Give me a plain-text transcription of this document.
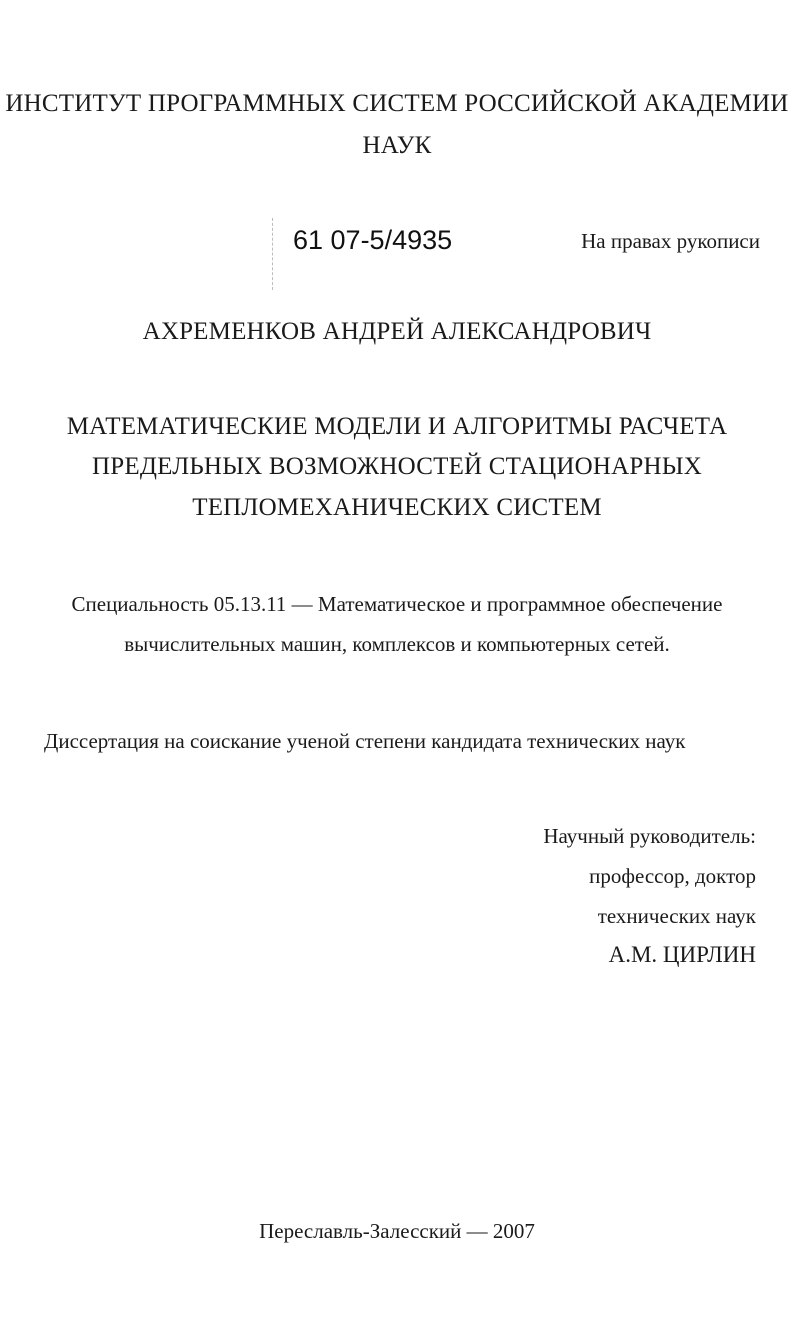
ИНСТИТУТ ПРОГРАММНЫХ СИСТЕМ РОССИЙСКОЙ АКАДЕМИИ
НАУК
61 07-5/4935	На правах рукописи
АХРЕМЕНКОВ АНДРЕЙ АЛЕКСАНДРОВИЧ
МАТЕМАТИЧЕСКИЕ МОДЕЛИ И АЛГОРИТМЫ РАСЧЕТА
ПРЕДЕЛЬНЫХ ВОЗМОЖНОСТЕЙ СТАЦИОНАРНЫХ
ТЕПЛОМЕХАНИЧЕСКИХ СИСТЕМ
Специальность 05.13.11 — Математическое и программное обеспечение
вычислительных машин, комплексов и компьютерных сетей.
Диссертация на соискание ученой степени кандидата технических наук
Научный руководитель:
профессор, доктор
технических наук
А.М. ЦИРЛИН
Переславль-Залесский — 2007
